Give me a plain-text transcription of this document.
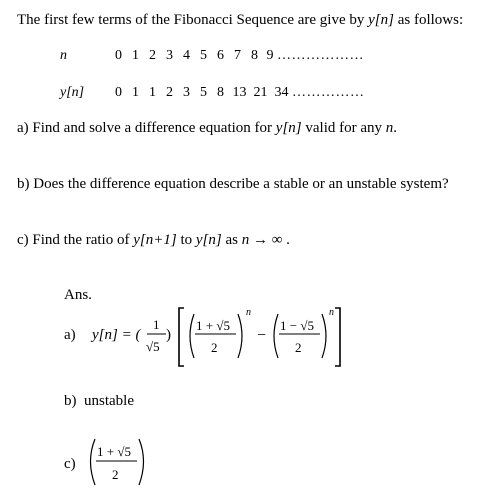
The first few terms of the Fibonacci Sequence are give by y[n] as follows:
n	0 1 2 3 4 5 6 7 8 9 ………………
y[n]	0 1 1 2 3 5 8 13 21 34 ……………
a) Find and solve a difference equation for y[n] valid for any n.
b) Does the difference equation describe a stable or an unstable system?
c) Find the ratio of y[n+1] to y[n] as n → ∞ .
Ans.
a) y[n] = (
1
√5
)
1 + √5
2
n
−
1 − √5
2
n
b) unstable
c)
1 + √5
2
